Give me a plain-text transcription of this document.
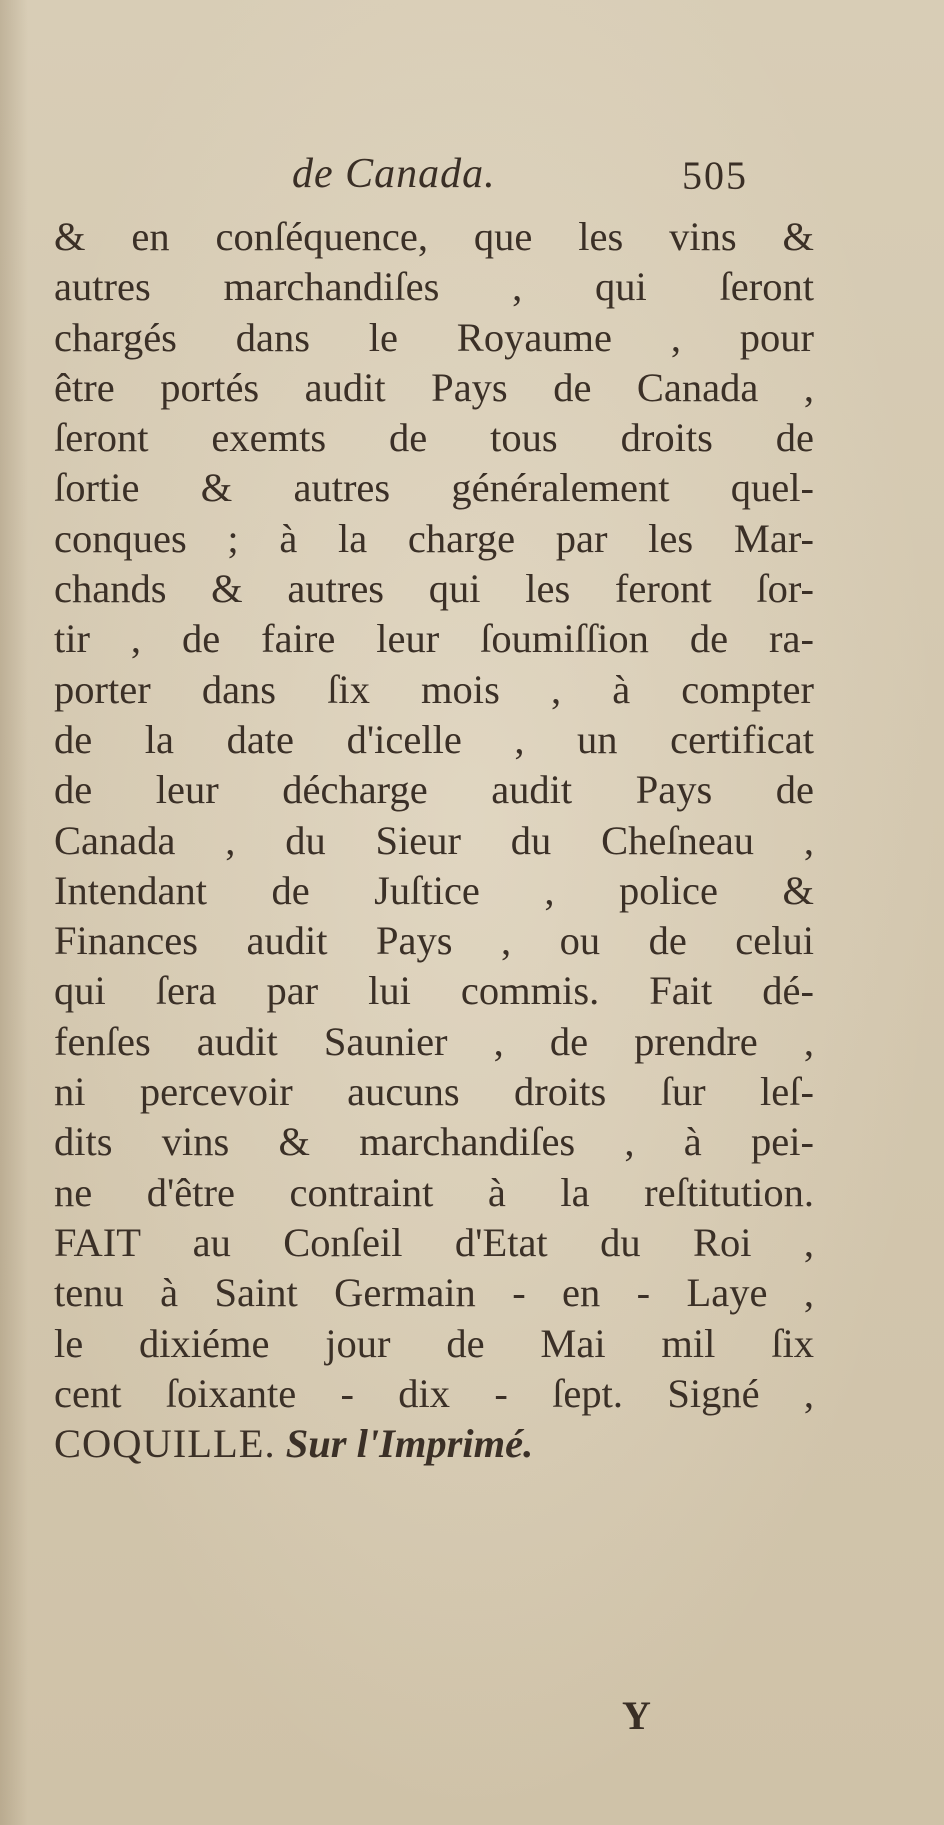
de Canada.	505
& en conſéquence, que les vins &
autres marchandiſes , qui ſeront
chargés dans le Royaume , pour
être portés audit Pays de Canada ,
ſeront exemts de tous droits de
ſortie & autres généralement quel-
conques ; à la charge par les Mar-
chands & autres qui les feront ſor-
tir , de faire leur ſoumiſſion de ra-
porter dans ſix mois , à compter
de la date d'icelle , un certificat
de leur décharge audit Pays de
Canada , du Sieur du Cheſneau ,
Intendant de Juſtice , police &
Finances audit Pays , ou de celui
qui ſera par lui commis. Fait dé-
fenſes audit Saunier , de prendre ,
ni percevoir aucuns droits ſur leſ-
dits vins & marchandiſes , à pei-
ne d'être contraint à la reſtitution.
FAIT au Conſeil d'Etat du Roi ,
tenu à Saint Germain - en - Laye ,
le dixiéme jour de Mai mil ſix
cent ſoixante - dix - ſept. Signé ,
COQUILLE. Sur l'Imprimé.
Y
